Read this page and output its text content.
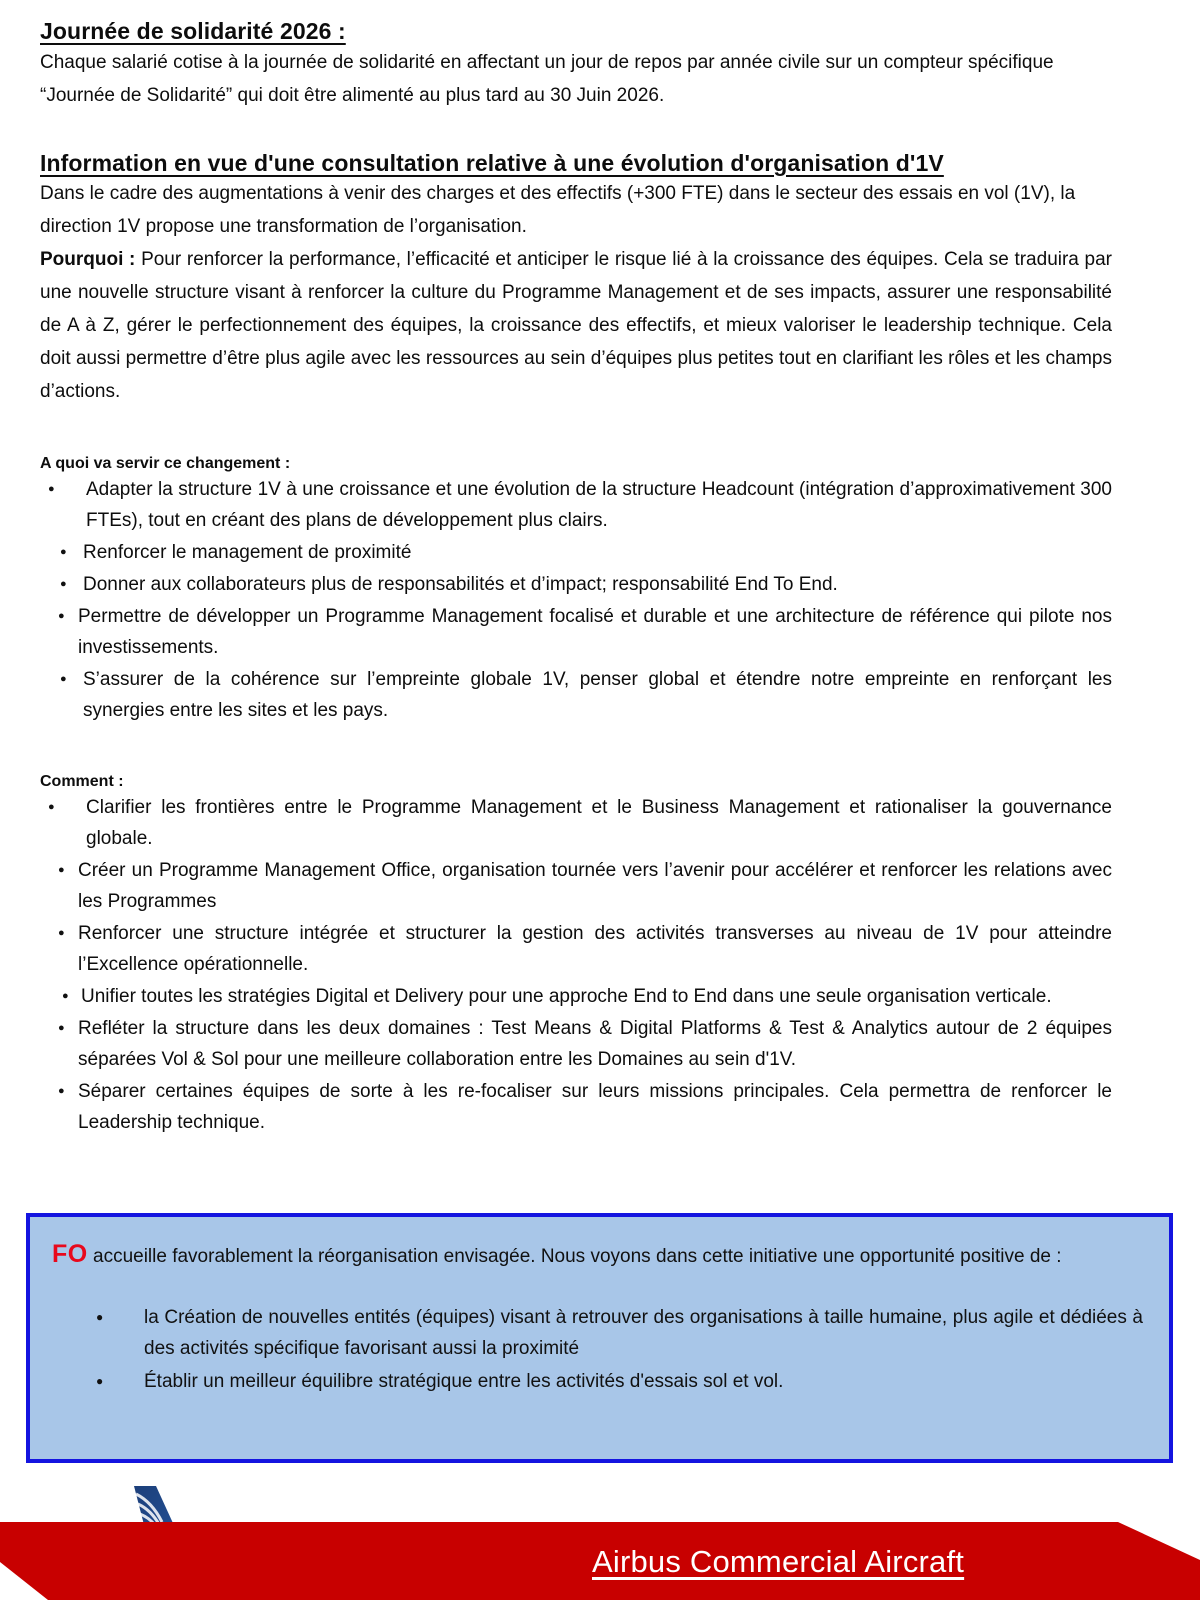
Journée de solidarité 2026 :

Chaque salarié cotise à la journée de solidarité en affectant un jour de repos par année civile sur un compteur spécifique “Journée de Solidarité” qui doit être alimenté au plus tard au 30 Juin 2026.

Information en vue d'une consultation relative à une évolution d'organisation d'1V

Dans le cadre des augmentations à venir des charges et des effectifs (+300 FTE) dans le secteur des essais en vol (1V), la direction 1V propose une transformation de l’organisation.

Pourquoi : Pour renforcer la performance, l’efficacité et anticiper le risque lié à la croissance des équipes. Cela se traduira par une nouvelle structure visant à renforcer la culture du Programme Management et de ses impacts, assurer une responsabilité de A à Z, gérer le perfectionnement des équipes, la croissance des effectifs, et mieux valoriser le leadership technique. Cela doit aussi permettre d’être plus agile avec les ressources au sein d’équipes plus petites tout en clarifiant les rôles et les champs d’actions.

A quoi va servir ce changement :
● Adapter la structure 1V à une croissance et une évolution de la structure Headcount (intégration d’approximativement 300 FTEs), tout en créant des plans de développement plus clairs.
● Renforcer le management de proximité
● Donner aux collaborateurs plus de responsabilités et d’impact; responsabilité End To End.
● Permettre de développer un Programme Management focalisé et durable et une architecture de référence qui pilote nos investissements.
● S’assurer de la cohérence sur l’empreinte globale 1V, penser global et étendre notre empreinte en renforçant les synergies entre les sites et les pays.
Comment :
● Clarifier les frontières entre le Programme Management et le Business Management et rationaliser la gouvernance globale.
● Créer un Programme Management Office, organisation tournée vers l’avenir pour accélérer et renforcer les relations avec les Programmes
● Renforcer une structure intégrée et structurer la gestion des activités transverses au niveau de 1V pour atteindre l’Excellence opérationnelle.
● Unifier toutes les stratégies Digital et Delivery pour une approche End to End dans une seule organisation verticale.
● Refléter la structure dans les deux domaines : Test Means & Digital Platforms & Test & Analytics autour de 2 équipes séparées Vol & Sol pour une meilleure collaboration entre les Domaines au sein d'1V.
● Séparer certaines équipes de sorte à les re-focaliser sur leurs missions principales. Cela permettra de renforcer le Leadership technique.

FO accueille favorablement la réorganisation envisagée. Nous voyons dans cette initiative une opportunité positive de :

● la Création de nouvelles entités (équipes) visant à retrouver des organisations à taille humaine, plus agile et dédiées à des activités spécifique favorisant aussi la proximité
● Établir un meilleur équilibre stratégique entre les activités d'essais sol et vol.
Airbus Commercial Aircraft
